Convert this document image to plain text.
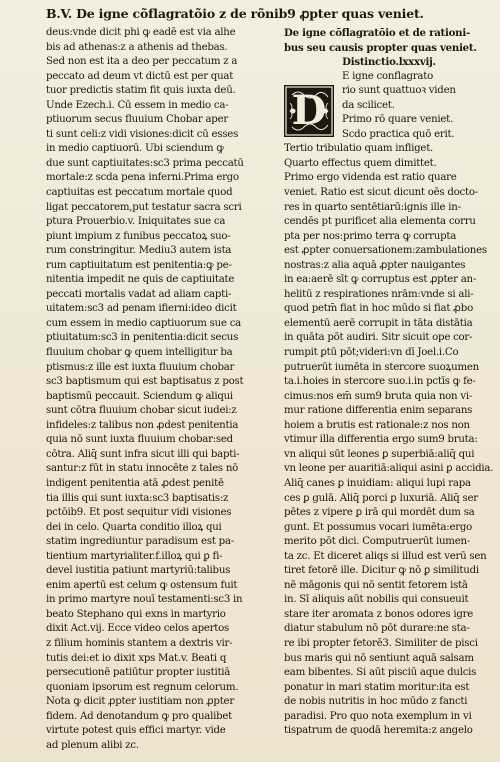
B.V. De igne cõflagratõio z de rõnib9 ꝓpter quas veniet.
deus:vnde dicit phi ꝙ eadē est via alhe
bis ad athenas:z a athenis ad thebas.
Sed non est ita a deo per peccatum z a
peccato ad deum vt dictū est per quat
tuor predictis statim fit quis iuxta deū.
Unde Ezech.i. Cū essem in medio ca-
ptiuorum secus fluuium Chobar aper
ti sunt celi:z vidi visiones:dicit cū esses
in medio captiuorū. Ubi sciendum ꝙ
due sunt captiuitates:sc3 prima peccatū
mortale:z scda pena inferni.Prima ergo
captiuitas est peccatum mortale quod
ligat peccatorem,put testatur sacra scri
ptura Prouerbio.v. Iniquitates sue ca
piunt impium z funibus peccatoꝝ suo-
rum constringitur. Mediu3 autem ista
rum captiuitatum est penitentia:ꝙ pe-
nitentia impedit ne quis de captiuitate
peccati mortalis vadat ad aliam capti-
uitatem:sc3 ad penam ifierni:ideo dicit
cum essem in medio captiuorum sue ca
ptiuitatum:sc3 in penitentia:dicit secus
fluuium chobar ꝙ quem intelligitur ba
ptismus:z ille est iuxta fluuium chobar
sc3 baptismum qui est baptisatus z post
baptismū peccauit. Sciendum ꝙ aliqui
sunt cōtra fluuium chobar sicut iudei:z
infideles:z talibus non ꝓdest penitentia
quia nō sunt iuxta fluuium chobar:sed
cōtra. Aliq̄ sunt infra sicut illi qui bapti-
santur:z fūt in statu innocēte z tales nō
indigent penitentia atā ꝓdest penitē
tia illis qui sunt iuxta:sc3 baptisatis:z
pctōib9. Et post sequitur vidi visiones
dei in celo. Quarta conditio illoꝝ qui
statim ingrediuntur paradisum est pa-
tientium martyrialiter.f.illoꝝ qui ꝑ fi-
devel iustitia patiunt martyriū:talibus
enim apertū est celum ꝙ ostensum fuit
in primo martyre nouī testamenti:sc3 in
beato Stephano qui exns in martyrio
dixit Act.vij. Ecce video celos apertos
z filium hominis stantem a dextris vir-
tutis dei:et io dixit xps Mat.v. Beati q
persecutionē patiūtur propter iustitiā
quoniam ipsorum est regnum celorum.
Nota ꝙ dicit ꝓpter iustitiam non ꝓpter
fidem. Ad denotandum ꝙ pro qualibet
virtute potest quis effici martyr. vide
ad plenum alibi zc.
De igne cōflagratōio et de rationi-
bus seu causis propter quas veniet.
Distinctio.lxxxvij.
E igne conflagrato
rio sunt quattuoꝛ viden
da scilicet.
Primo rō quare veniet.
Scdo practica quō erit.
Tertio tribulatio quam infliget.
Quarto effectus quem dimittet.
Primo ergo videnda est ratio quare
veniet. Ratio est sicut dicunt oēs docto-
res in quarto sentētiarū:ignis ille in-
cendēs pt purificet alia elementa corru
pta per nos:primo terra ꝙ corrupta
est ꝓpter conuersationem:zambulationes
nostras:z alia aquā ꝓpter nauigantes
in ea:aerē sīt ꝙ corruptus est ꝓpter an-
helitū z respirationes nrām:vnde si ali-
quod petm̄ fiat in hoc mūdo si fiat ꝓbo
elementū aerē corrupit in tāta distātia
in quāta pōt audiri. Sitr sicuit ope cor-
rumpit ꝑtū pōt;videri:vn dī Joel.i.Co
putruerūt iumēta in stercore suoꝝumen
ta.i.hoies in stercore suo.i.in pctīs ꝙ fe-
cimus:nos em̄ sum9 bruta quia non vi-
mur ratione differentia enim separans
hoiem a brutis est rationale:z nos non
vtimur illa differentia ergo sum9 bruta:
vn aliqui sūt leones ꝑ superbiā:aliq̄ qui
vn leone per auaritiā:aliqui asini ꝑ accidia.
Aliq̄ canes ꝑ inuidiam: aliqui lupi rapa
ces ꝑ gulā. Aliq̄ porci ꝑ luxuriā. Aliq̄ ser
pētes z vipere ꝑ irā qui mordēt dum sa
gunt. Et possumus vocari iumēta:ergo
merito pōt dici. Computruerūt iumen-
ta zc. Et diceret aliqs si illud est verū sen
tiret fetorē ille. Dicitur ꝙ nō ꝑ similitudi
nē māgonis qui nō sentit fetorem istā
in. Sī aliquis aūt nobilis qui consueuit
stare iter aromata z bonos odores igre
diatur stabulum nō pōt durare:ne sta-
re ibi propter fetorē3. Similiter de pisci
bus maris qui nō sentiunt aquā salsam
eam bibentes. Si aūt pisciū aque dulcis
ponatur in mari statim moritur:ita est
de nobis nutritis in hoc mūdo z fancti
paradisi. Pro quo nota exemplum in vi
tispatrum de quodā heremita:z angelo
D
